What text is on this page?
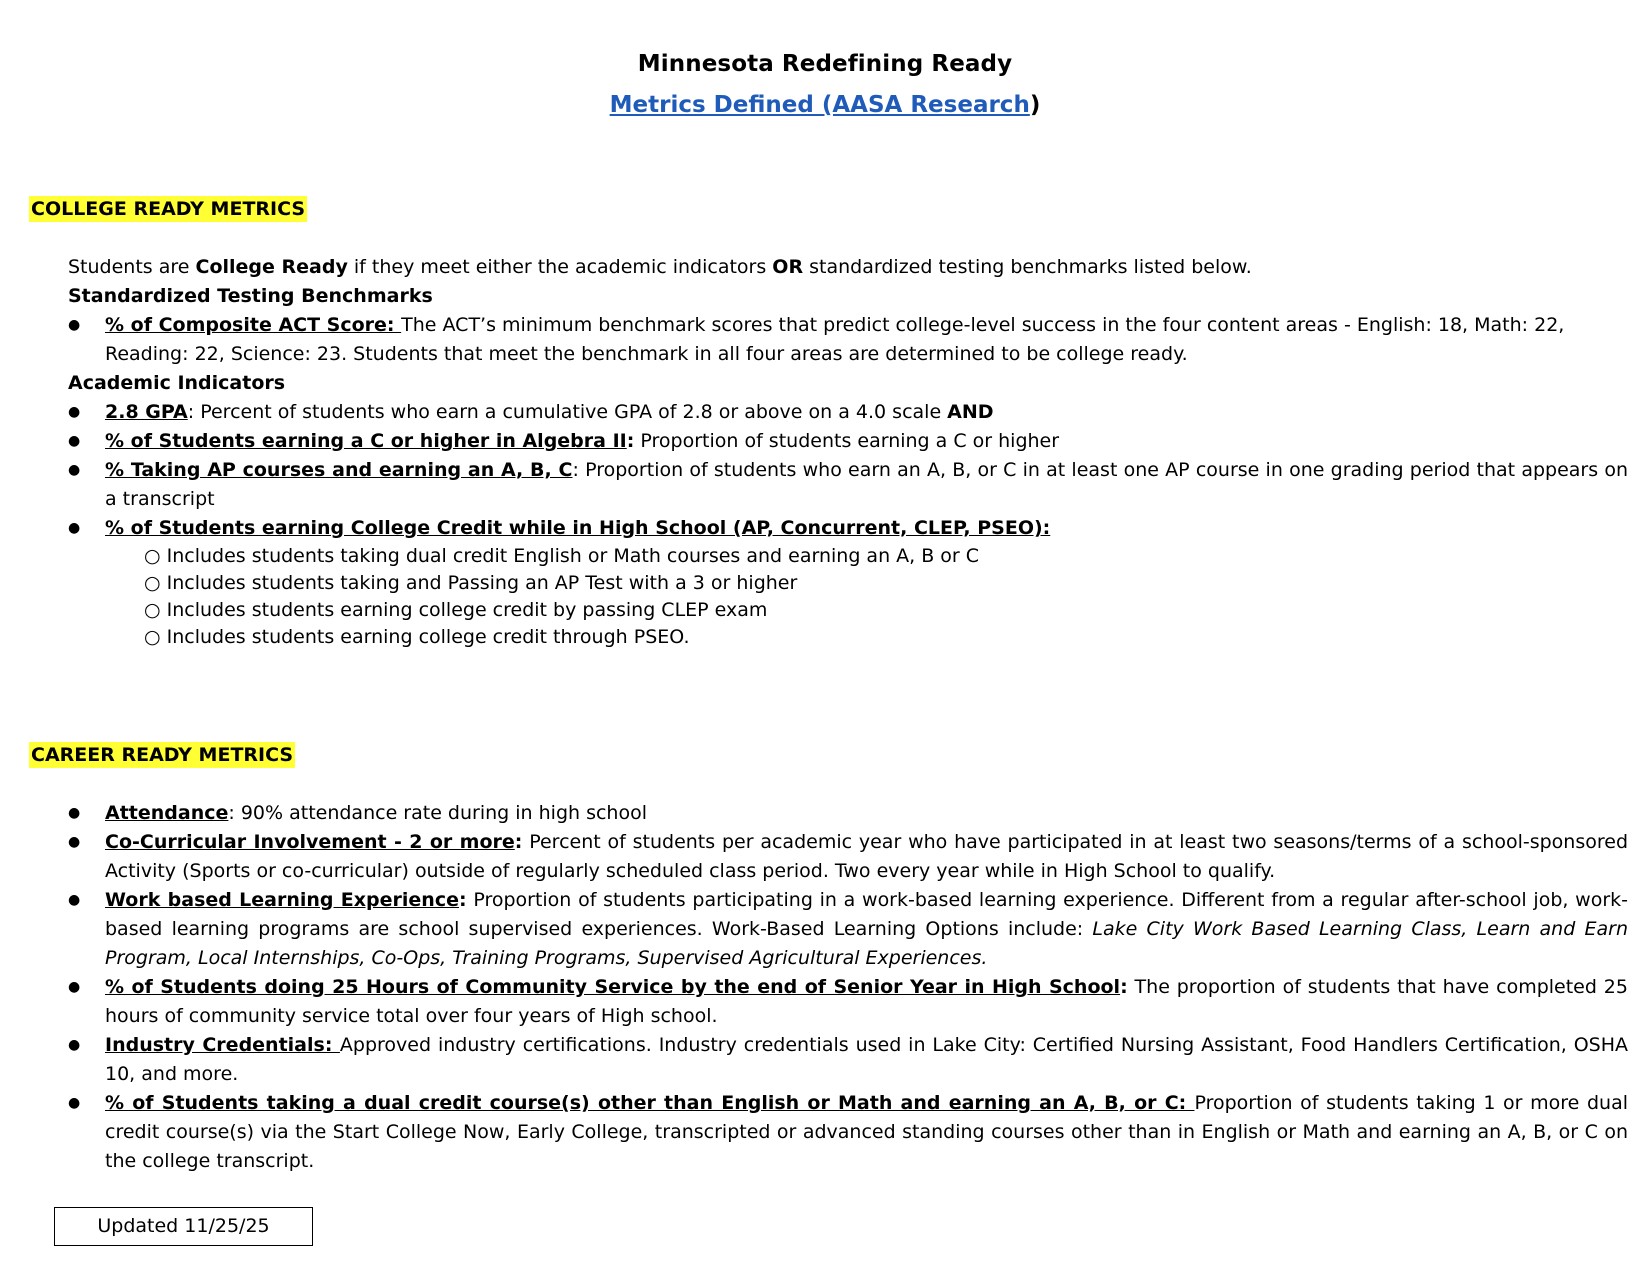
Minnesota Redefining Ready
Metrics Defined (AASA Research)
COLLEGE READY METRICS

Students are College Ready if they meet either the academic indicators OR standardized testing benchmarks listed below.

Standardized Testing Benchmarks

● % of Composite ACT Score: The ACT’s minimum benchmark scores that predict college-level success in the four content areas - English: 18, Math: 22, Reading: 22, Science: 23. Students that meet the benchmark in all four areas are determined to be college ready.

Academic Indicators

● 2.8 GPA: Percent of students who earn a cumulative GPA of 2.8 or above on a 4.0 scale AND
● % of Students earning a C or higher in Algebra II: Proportion of students earning a C or higher
● % Taking AP courses and earning an A, B, C: Proportion of students who earn an A, B, or C in at least one AP course in one grading period that appears on a transcript
● % of Students earning College Credit while in High School (AP, Concurrent, CLEP, PSEO):
○ Includes students taking dual credit English or Math courses and earning an A, B or C
○ Includes students taking and Passing an AP Test with a 3 or higher
○ Includes students earning college credit by passing CLEP exam
○ Includes students earning college credit through PSEO.
CAREER READY METRICS
● Attendance: 90% attendance rate during in high school
● Co-Curricular Involvement - 2 or more: Percent of students per academic year who have participated in at least two seasons/terms of a school-sponsored Activity (Sports or co-curricular) outside of regularly scheduled class period. Two every year while in High School to qualify.
● Work based Learning Experience: Proportion of students participating in a work-based learning experience. Different from a regular after-school job, work-based learning programs are school supervised experiences. Work-Based Learning Options include: Lake City Work Based Learning Class, Learn and Earn Program, Local Internships, Co-Ops, Training Programs, Supervised Agricultural Experiences.
● % of Students doing 25 Hours of Community Service by the end of Senior Year in High School: The proportion of students that have completed 25 hours of community service total over four years of High school.
● Industry Credentials: Approved industry certifications. Industry credentials used in Lake City: Certified Nursing Assistant, Food Handlers Certification, OSHA 10, and more.
● % of Students taking a dual credit course(s) other than English or Math and earning an A, B, or C: Proportion of students taking 1 or more dual credit course(s) via the Start College Now, Early College, transcripted or advanced standing courses other than in English or Math and earning an A, B, or C on the college transcript.
Updated 11/25/25
